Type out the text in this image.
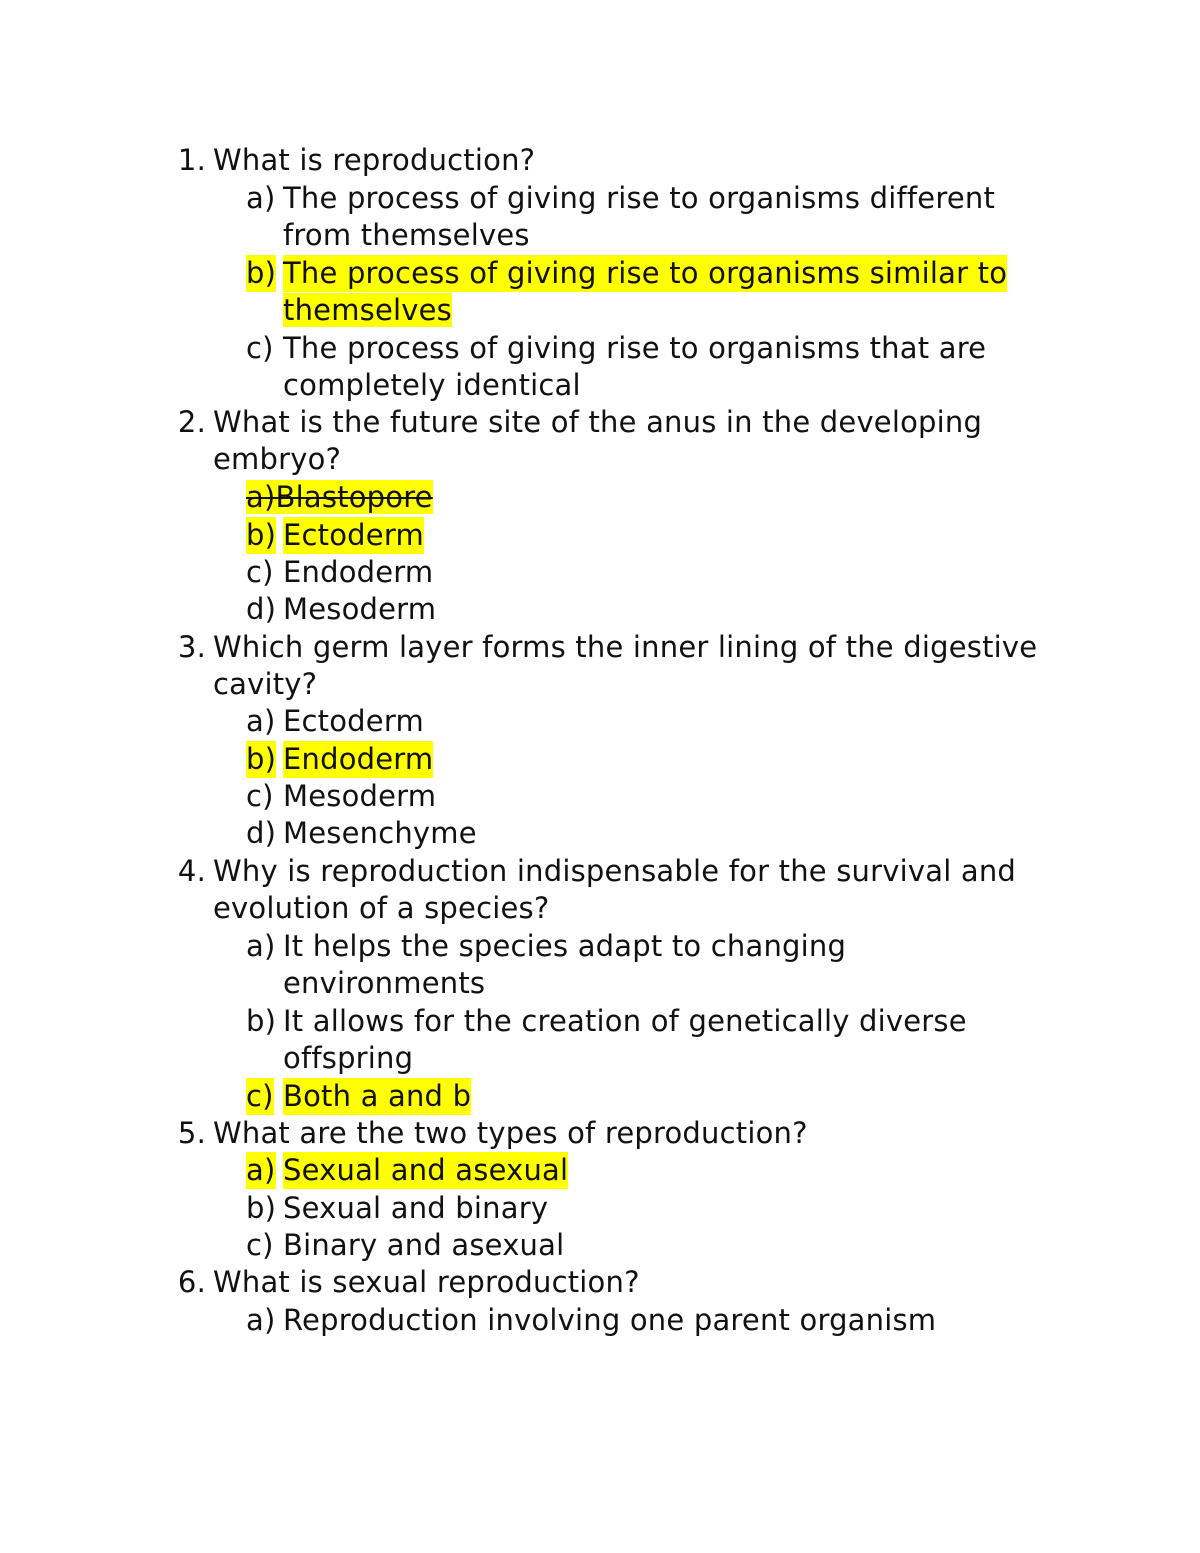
1. What is reproduction?
a) The process of giving rise to organisms different
from themselves
b) The process of giving rise to organisms similar to
themselves
c) The process of giving rise to organisms that are
completely identical
2. What is the future site of the anus in the developing
embryo?
a)Blastopore
b) Ectoderm
c) Endoderm
d) Mesoderm
3. Which germ layer forms the inner lining of the digestive
cavity?
a) Ectoderm
b) Endoderm
c) Mesoderm
d) Mesenchyme
4. Why is reproduction indispensable for the survival and
evolution of a species?
a) It helps the species adapt to changing
environments
b) It allows for the creation of genetically diverse
offspring
c) Both a and b
5. What are the two types of reproduction?
a) Sexual and asexual
b) Sexual and binary
c) Binary and asexual
6. What is sexual reproduction?
a) Reproduction involving one parent organism
